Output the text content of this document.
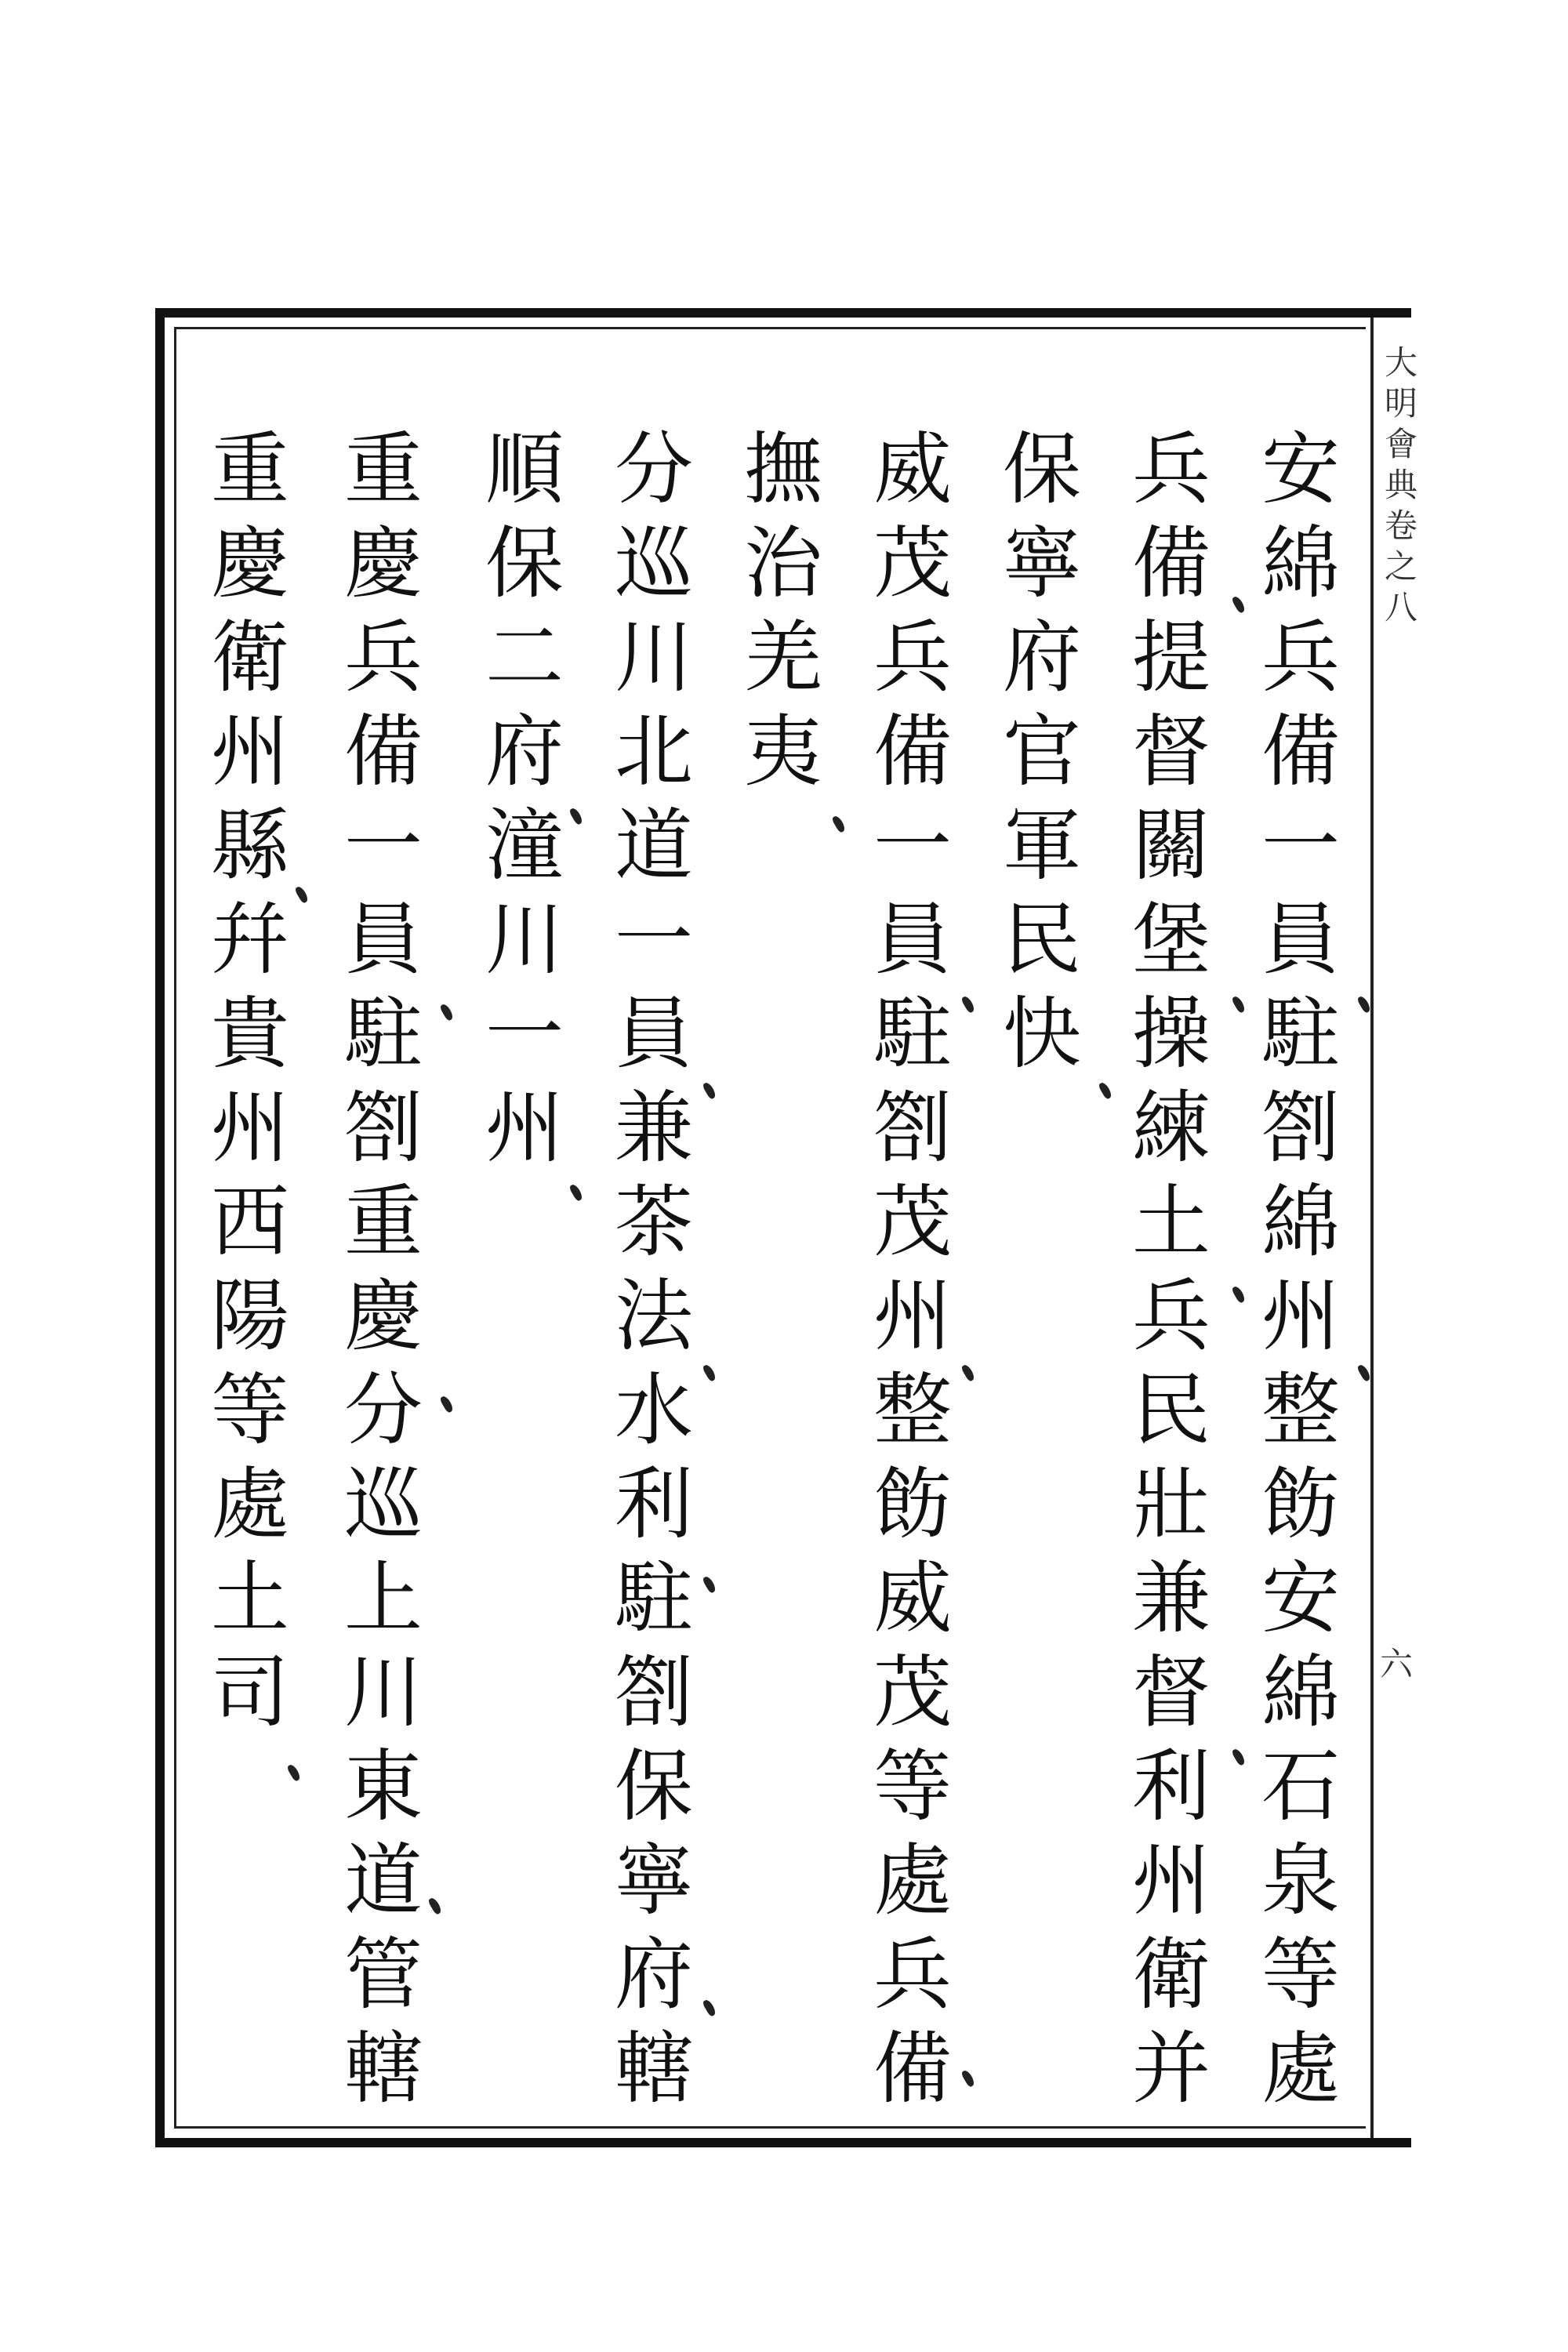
大明會典卷之八
六
安綿兵備一員駐劄綿州整飭安綿石泉等處
兵備提督關堡操練土兵民壯兼督利州衛并
保寧府官軍民快
威茂兵備一員駐劄茂州整飭威茂等處兵備
撫治羌夷
分巡川北道一員兼茶法水利駐劄保寧府轄
順保二府潼川一州
重慶兵備一員駐劄重慶分巡上川東道管轄
重慶衛州縣幷貴州西陽等處土司
